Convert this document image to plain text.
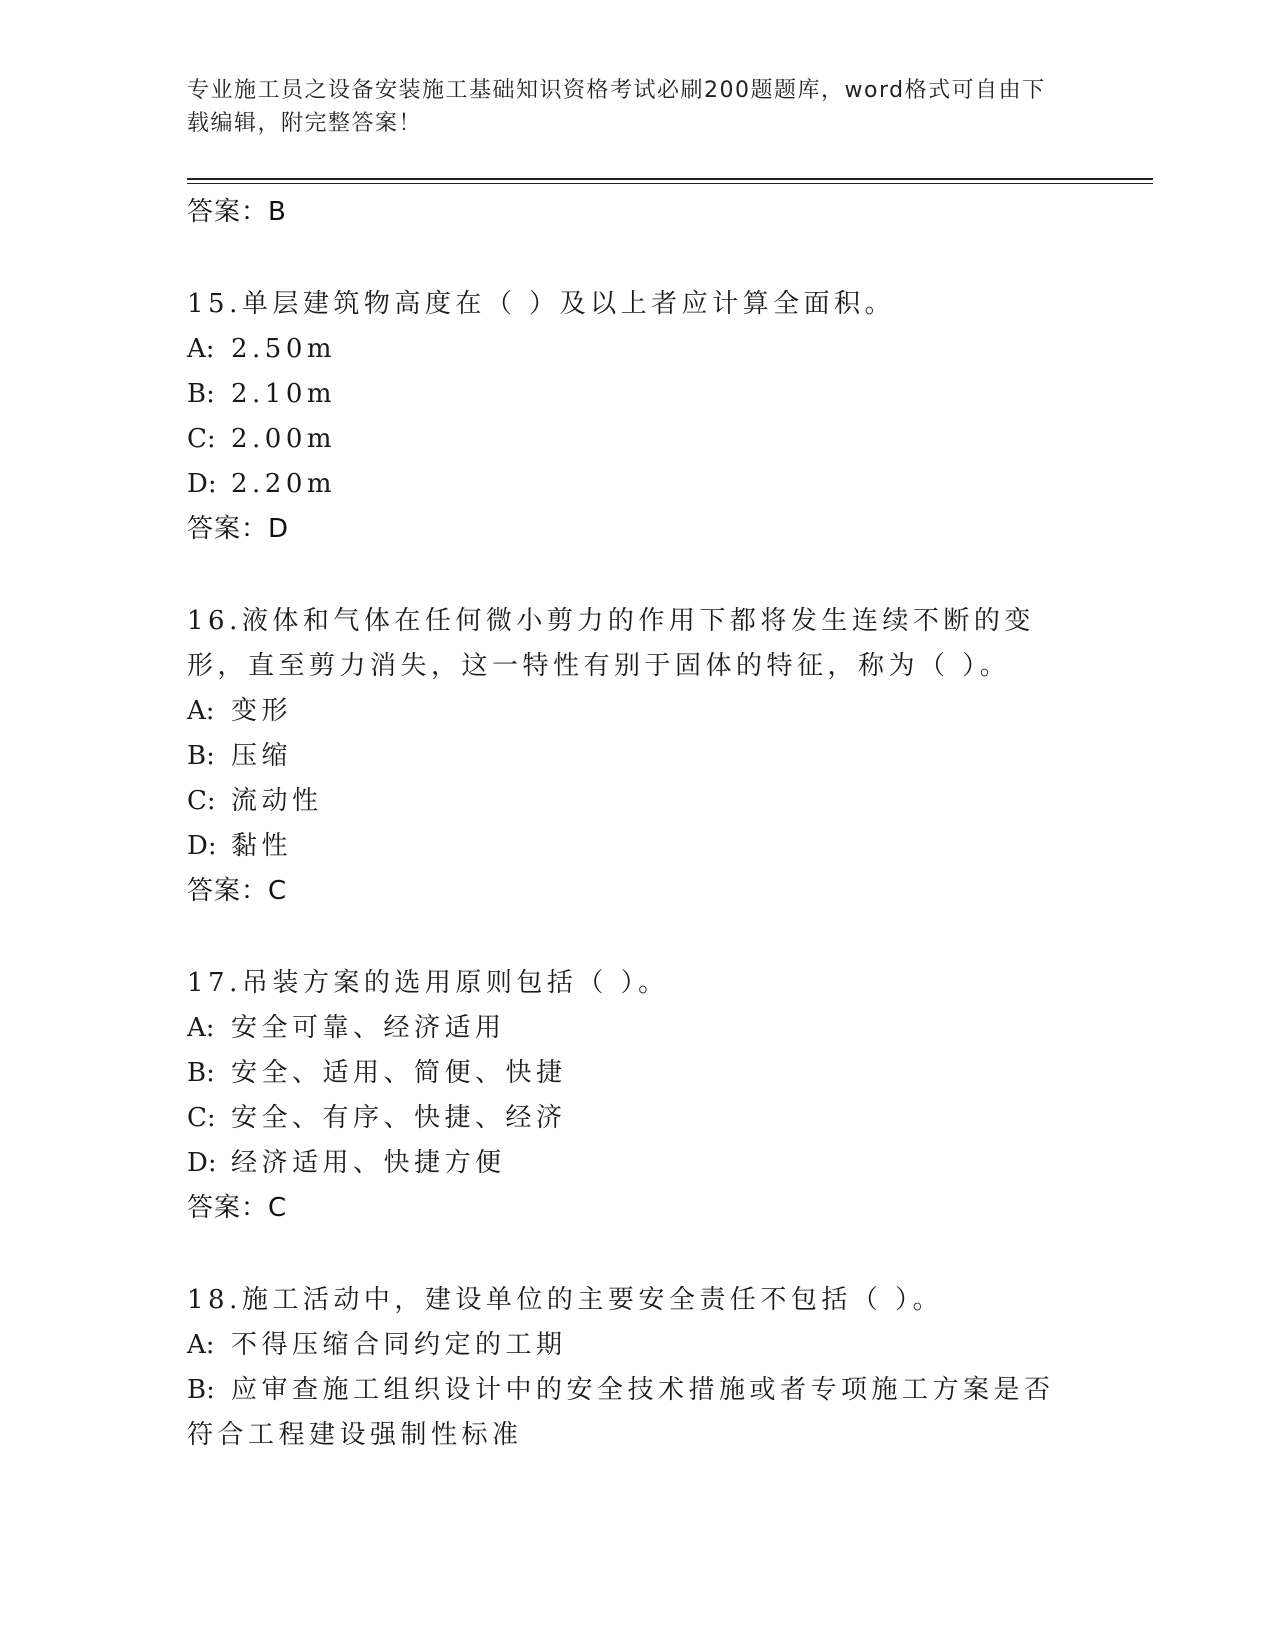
专业施工员之设备安装施工基础知识资格考试必刷200题题库，word格式可自由下载编辑，附完整答案！
答案：B
15.单层建筑物高度在（ ）及以上者应计算全面积。
A: 2.50m
B: 2.10m
C: 2.00m
D: 2.20m
答案：D
16.液体和气体在任何微小剪力的作用下都将发生连续不断的变形，直至剪力消失，这一特性有别于固体的特征，称为（ ）。
A: 变形
B: 压缩
C: 流动性
D: 黏性
答案：C
17.吊装方案的选用原则包括（ ）。
A: 安全可靠、经济适用
B: 安全、适用、简便、快捷
C: 安全、有序、快捷、经济
D: 经济适用、快捷方便
答案：C
18.施工活动中，建设单位的主要安全责任不包括（ ）。
A: 不得压缩合同约定的工期
B: 应审查施工组织设计中的安全技术措施或者专项施工方案是否符合工程建设强制性标准
